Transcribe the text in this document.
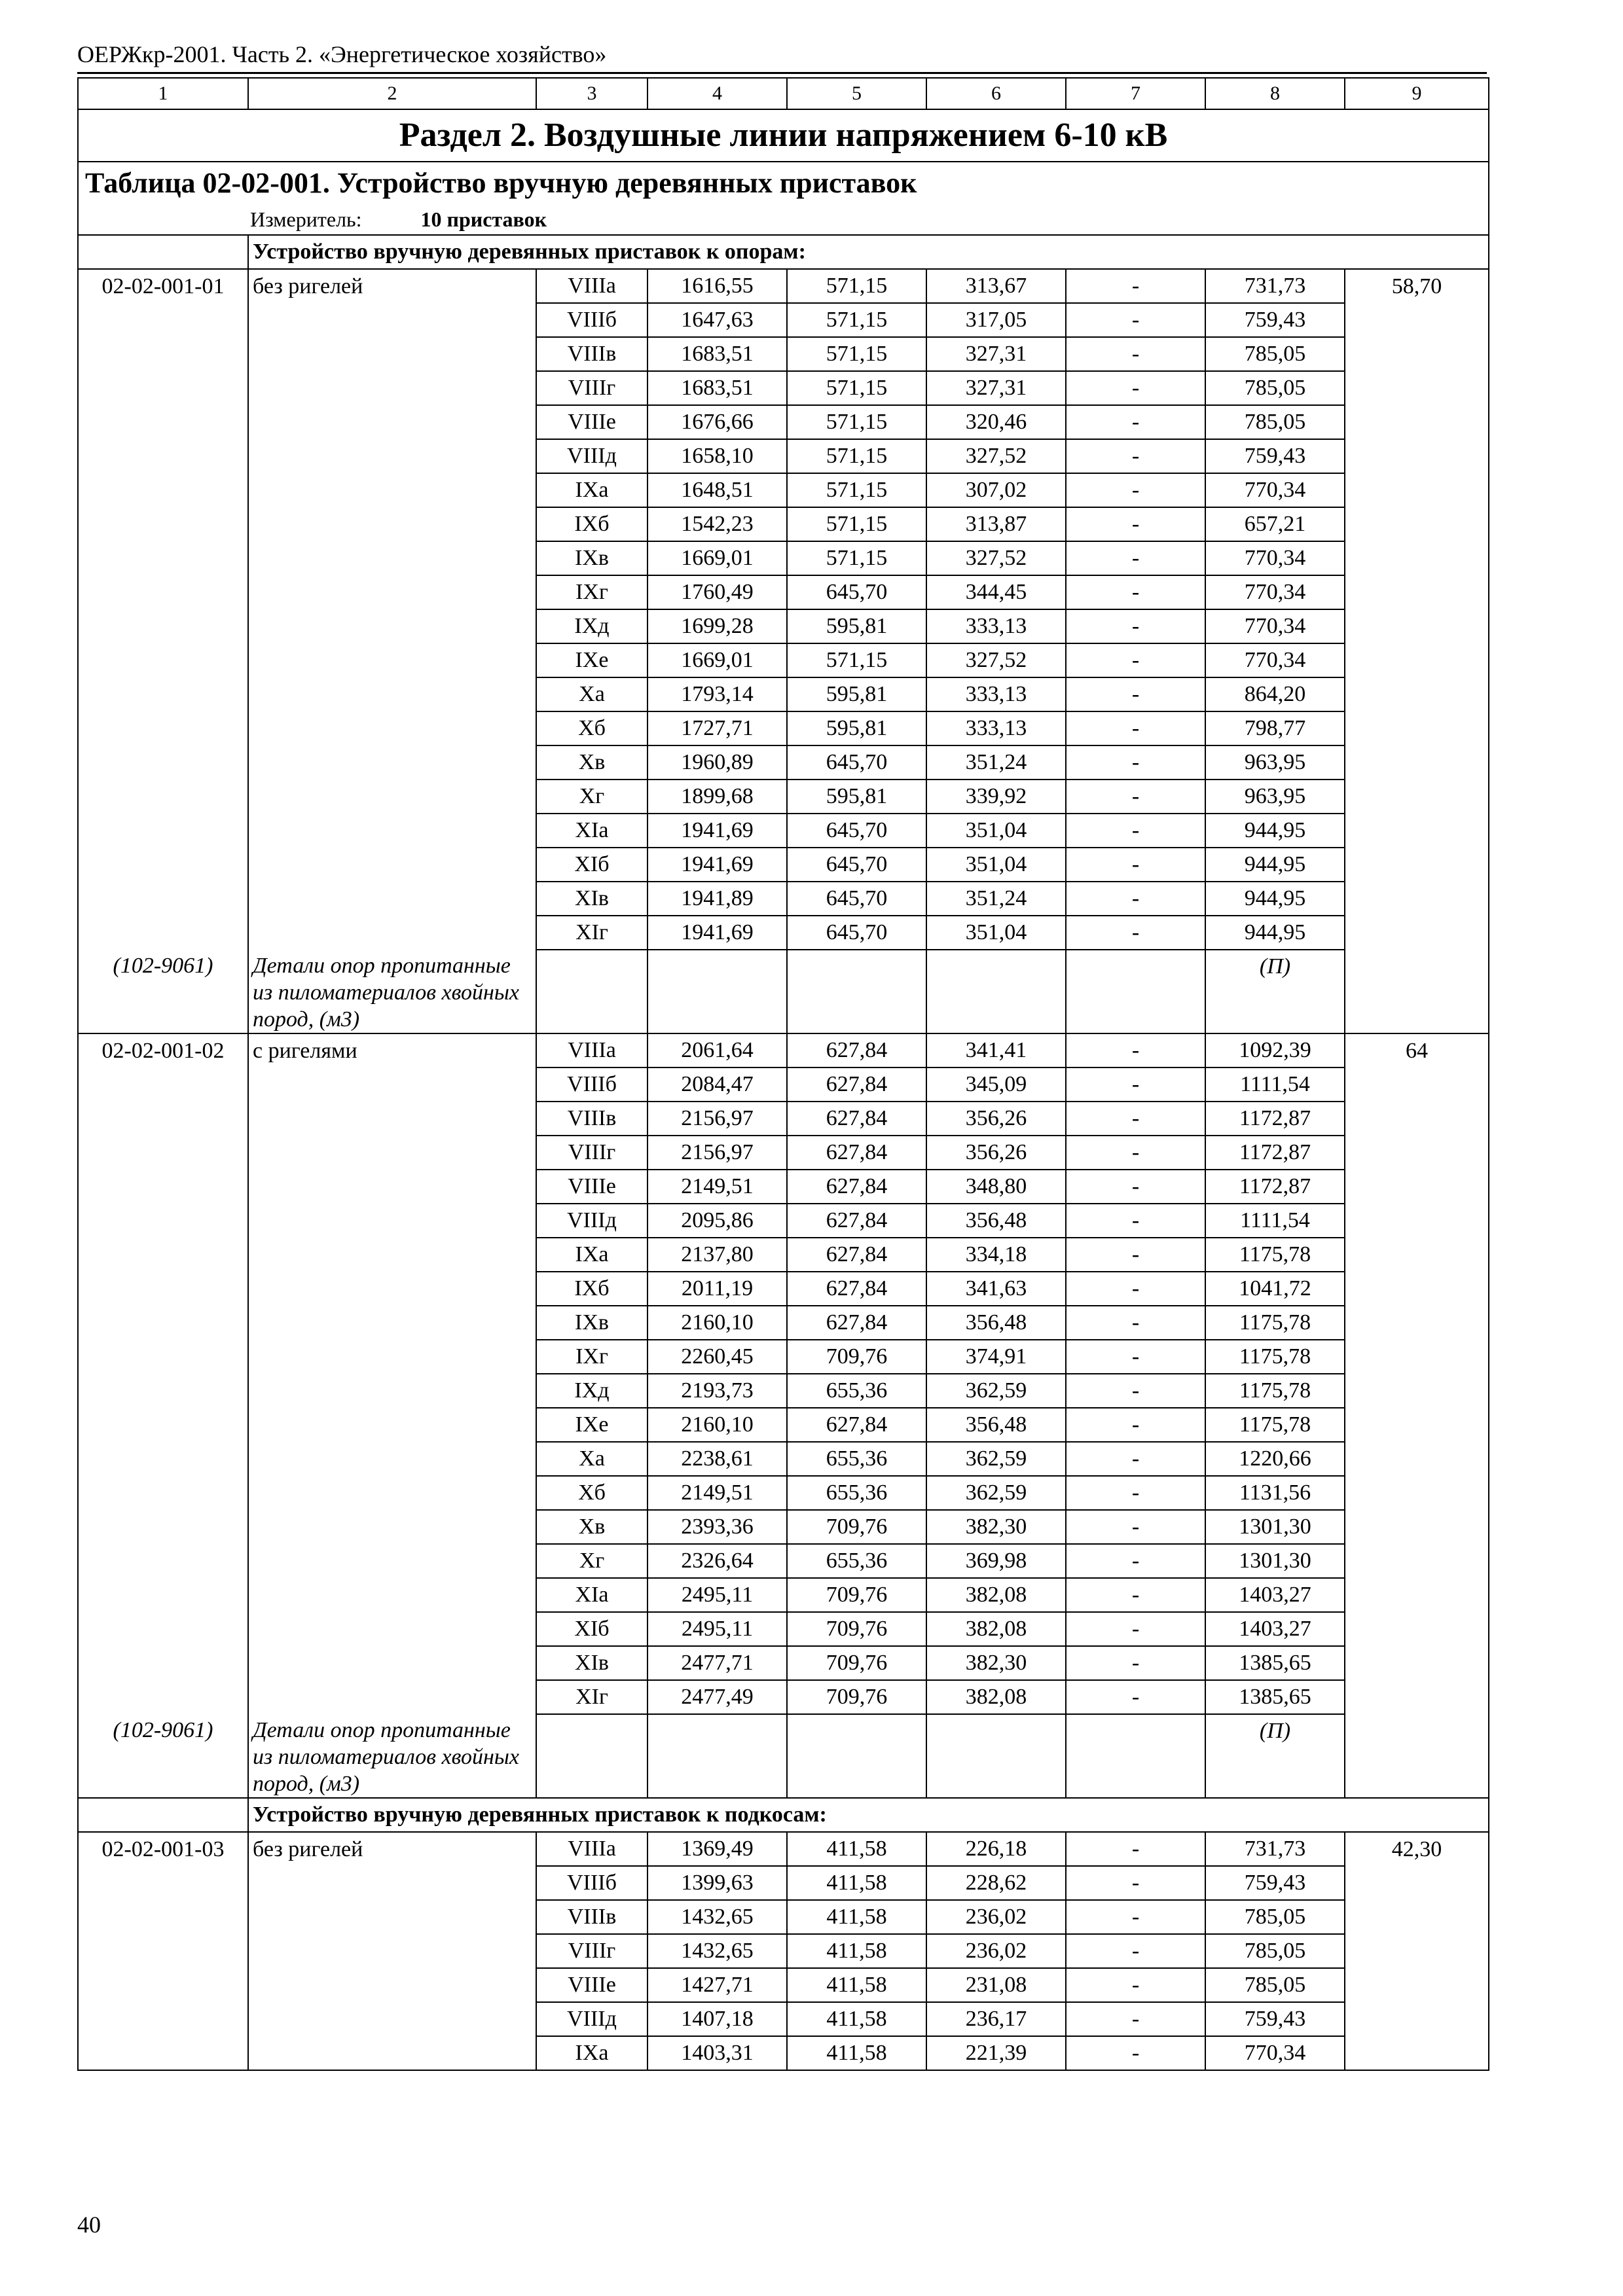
ОЕРЖкр-2001. Часть 2. «Энергетическое хозяйство»
1	2	3	4	5	6	7	8	9
Раздел 2. Воздушные линии напряжением 6-10 кВ								
Таблица 02-02-001. Устройство вручную деревянных приставок								
Измеритель: 10 приставок								
	Устройство вручную деревянных приставок к опорам:							
02-02-001-01	без ригелей	VIIIа	1616,55	571,15	313,67	-	731,73	58,70
		VIIIб	1647,63	571,15	317,05	-	759,43	
		VIIIв	1683,51	571,15	327,31	-	785,05	
		VIIIг	1683,51	571,15	327,31	-	785,05	
		VIIIе	1676,66	571,15	320,46	-	785,05	
		VIIIд	1658,10	571,15	327,52	-	759,43	
		IXа	1648,51	571,15	307,02	-	770,34	
		IXб	1542,23	571,15	313,87	-	657,21	
		IXв	1669,01	571,15	327,52	-	770,34	
		IXг	1760,49	645,70	344,45	-	770,34	
		IXд	1699,28	595,81	333,13	-	770,34	
		IXе	1669,01	571,15	327,52	-	770,34	
		Xа	1793,14	595,81	333,13	-	864,20	
		Xб	1727,71	595,81	333,13	-	798,77	
		Xв	1960,89	645,70	351,24	-	963,95	
		Xг	1899,68	595,81	339,92	-	963,95	
		XIа	1941,69	645,70	351,04	-	944,95	
		XIб	1941,69	645,70	351,04	-	944,95	
		XIв	1941,89	645,70	351,24	-	944,95	
		XIг	1941,69	645,70	351,04	-	944,95	

(102-9061)	Детали опор пропитанные из пиломатериалов хвойных пород, (м3)						(П)	

02-02-001-02	с ригелями	VIIIа	2061,64	627,84	341,41	-	1092,39	64
		VIIIб	2084,47	627,84	345,09	-	1111,54	
		VIIIв	2156,97	627,84	356,26	-	1172,87	
		VIIIг	2156,97	627,84	356,26	-	1172,87	
		VIIIе	2149,51	627,84	348,80	-	1172,87	
		VIIIд	2095,86	627,84	356,48	-	1111,54	
		IXа	2137,80	627,84	334,18	-	1175,78	
		IXб	2011,19	627,84	341,63	-	1041,72	
		IXв	2160,10	627,84	356,48	-	1175,78	
		IXг	2260,45	709,76	374,91	-	1175,78	
		IXд	2193,73	655,36	362,59	-	1175,78	
		IXе	2160,10	627,84	356,48	-	1175,78	
		Xа	2238,61	655,36	362,59	-	1220,66	
		Xб	2149,51	655,36	362,59	-	1131,56	
		Xв	2393,36	709,76	382,30	-	1301,30	
		Xг	2326,64	655,36	369,98	-	1301,30	
		XIа	2495,11	709,76	382,08	-	1403,27	
		XIб	2495,11	709,76	382,08	-	1403,27	
		XIв	2477,71	709,76	382,30	-	1385,65	
		XIг	2477,49	709,76	382,08	-	1385,65	

(102-9061)	Детали опор пропитанные из пиломатериалов хвойных пород, (м3)						(П)	

	Устройство вручную деревянных приставок к подкосам:							
02-02-001-03	без ригелей	VIIIа	1369,49	411,58	226,18	-	731,73	42,30
		VIIIб	1399,63	411,58	228,62	-	759,43	
		VIIIв	1432,65	411,58	236,02	-	785,05	
		VIIIг	1432,65	411,58	236,02	-	785,05	
		VIIIе	1427,71	411,58	231,08	-	785,05	
		VIIIд	1407,18	411,58	236,17	-	759,43	
		IXа	1403,31	411,58	221,39	-	770,34	
40
